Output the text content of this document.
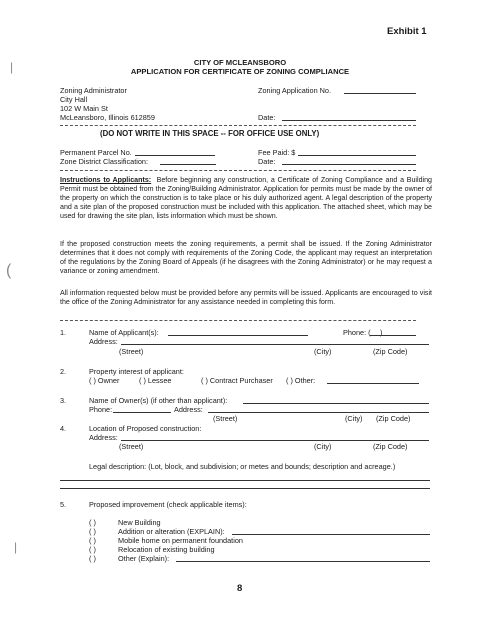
|
(
|
Exhibit 1
CITY OF MCLEANSBORO
APPLICATION FOR CERTIFICATE OF ZONING COMPLIANCE
Zoning Administrator
City Hall
102 W Main St
McLeansboro, Illinois 612859
Zoning Application No.
Date:
(DO NOT WRITE IN THIS SPACE -- FOR OFFICE USE ONLY)
Permanent Parcel No.
Zone District Classification:
Fee Paid: $
Date:
Instructions to Applicants: Before beginning any construction, a Certificate of Zoning Compliance and a Building Permit must be obtained from the Zoning/Building Administrator. Application for permits must be made by the owner of the property on which the construction is to take place or his duly authorized agent. A legal description of the property and a site plan of the proposed construction must be included with this application. The attached sheet, which may be used for drawing the site plan, lists information which must be shown.
If the proposed construction meets the zoning requirements, a permit shall be issued. If the Zoning Administrator determines that it does not comply with requirements of the Zoning Code, the applicant may request an interpretation of the regulations by the Zoning Board of Appeals (if he disagrees with the Zoning Administrator) or he may request a variance or zoning amendment.
All information requested below must be provided before any permits will be issued. Applicants are encouraged to visit the office of the Zoning Administrator for any assistance needed in completing this form.
1.	Name of Applicant(s):	Phone: ( )
Address:
(Street)	(City)	(Zip Code)
2.	Property interest of applicant:
( ) Owner	( ) Lessee	( ) Contract Purchaser ( ) Other:
3.	Name of Owner(s) (if other than applicant):
Phone:	Address:
(Street)	(City) (Zip Code)
4.	Location of Proposed construction:
Address:
(Street)	(City)	(Zip Code)
Legal description: (Lot, block, and subdivision; or metes and bounds; description and acreage.)
5.	Proposed improvement (check applicable items):
( )	New Building
( )	Addition or alteration (EXPLAIN):
( )	Mobile home on permanent foundation
( )	Relocation of existing building
( )	Other (Explain):
8
